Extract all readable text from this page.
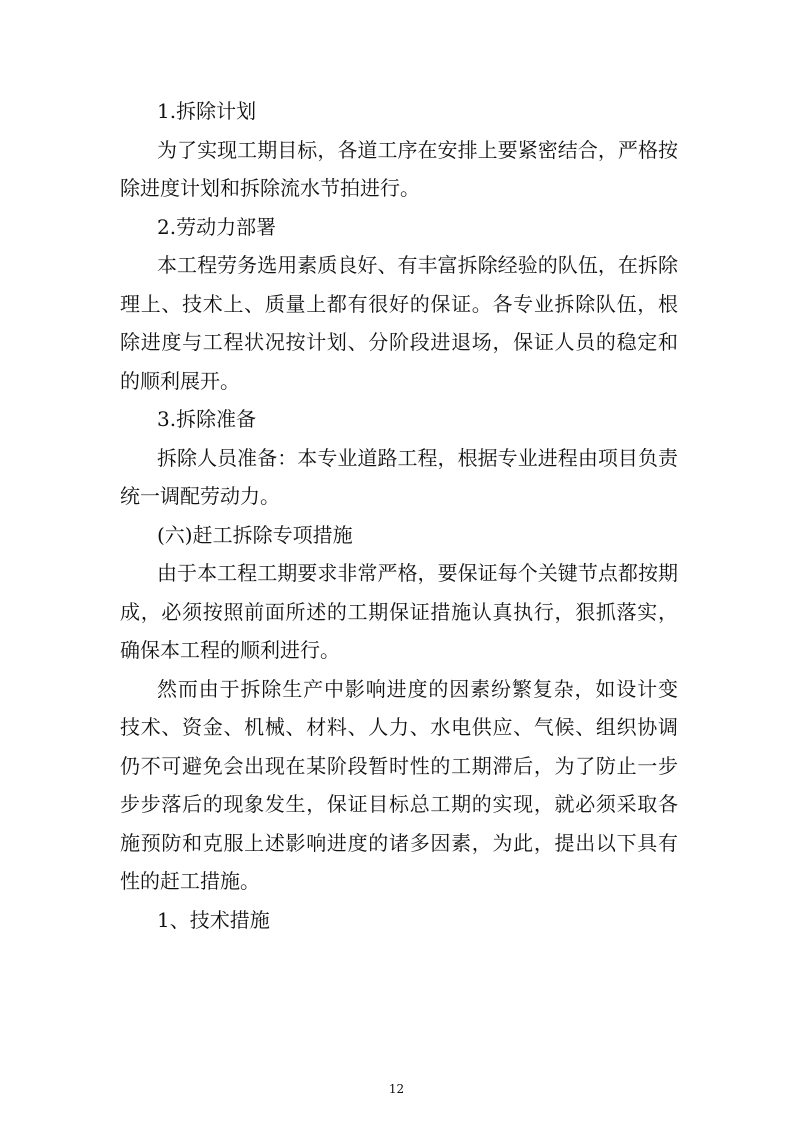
1.拆除计划
为了实现工期目标，各道工序在安排上要紧密结合，严格按
除进度计划和拆除流水节拍进行。
2.劳动力部署
本工程劳务选用素质良好、有丰富拆除经验的队伍，在拆除
理上、技术上、质量上都有很好的保证。各专业拆除队伍，根
除进度与工程状况按计划、分阶段进退场，保证人员的稳定和
的顺利展开。
3.拆除准备
拆除人员准备：本专业道路工程，根据专业进程由项目负责
统一调配劳动力。
(六)赶工拆除专项措施
由于本工程工期要求非常严格，要保证每个关键节点都按期
成，必须按照前面所述的工期保证措施认真执行，狠抓落实，
确保本工程的顺利进行。
然而由于拆除生产中影响进度的因素纷繁复杂，如设计变
技术、资金、机械、材料、人力、水电供应、气候、组织协调
仍不可避免会出现在某阶段暂时性的工期滞后，为了防止一步
步步落后的现象发生，保证目标总工期的实现，就必须采取各
施预防和克服上述影响进度的诸多因素，为此，提出以下具有
性的赶工措施。
1、技术措施
12
